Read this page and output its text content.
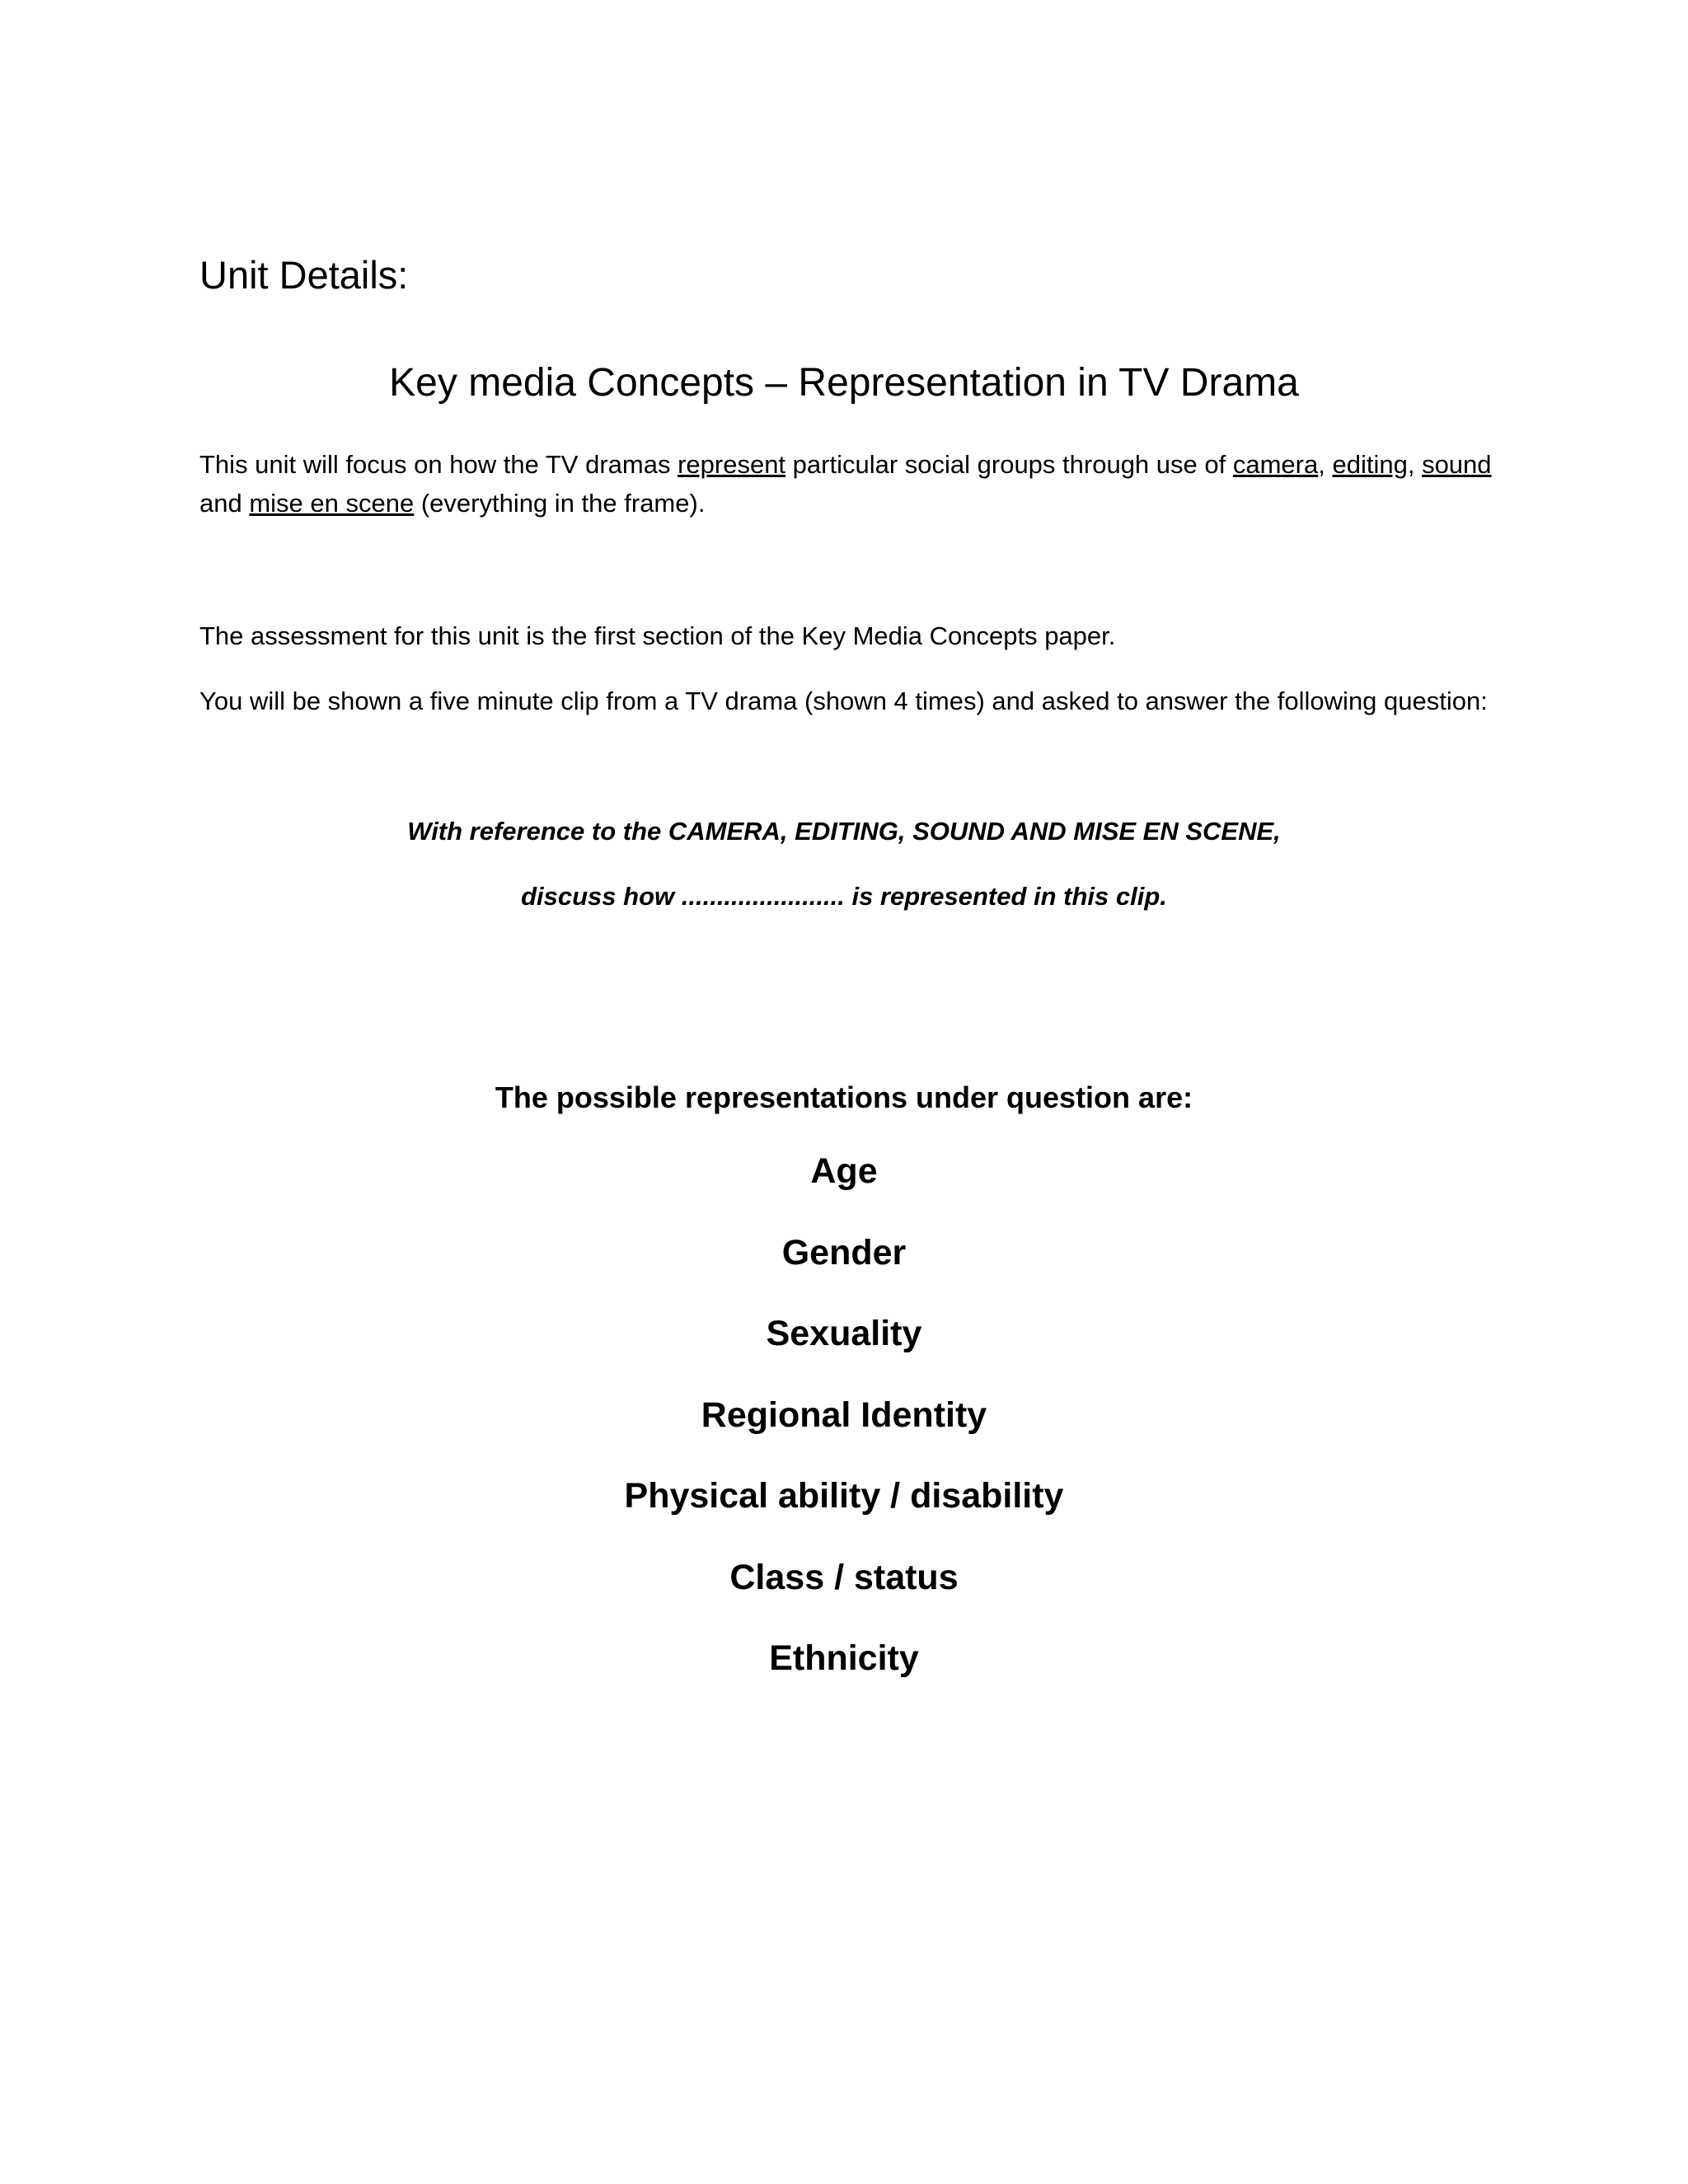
Unit Details:
Key media Concepts – Representation in TV Drama

This unit will focus on how the TV dramas represent particular social groups through use of camera, editing, sound and mise en scene (everything in the frame).

The assessment for this unit is the first section of the Key Media Concepts paper.

You will be shown a five minute clip from a TV drama (shown 4 times) and asked to answer the following question:

With reference to the CAMERA, EDITING, SOUND AND MISE EN SCENE,

discuss how ....................... is represented in this clip.

The possible representations under question are:
Age
Gender
Sexuality
Regional Identity
Physical ability / disability
Class / status
Ethnicity
